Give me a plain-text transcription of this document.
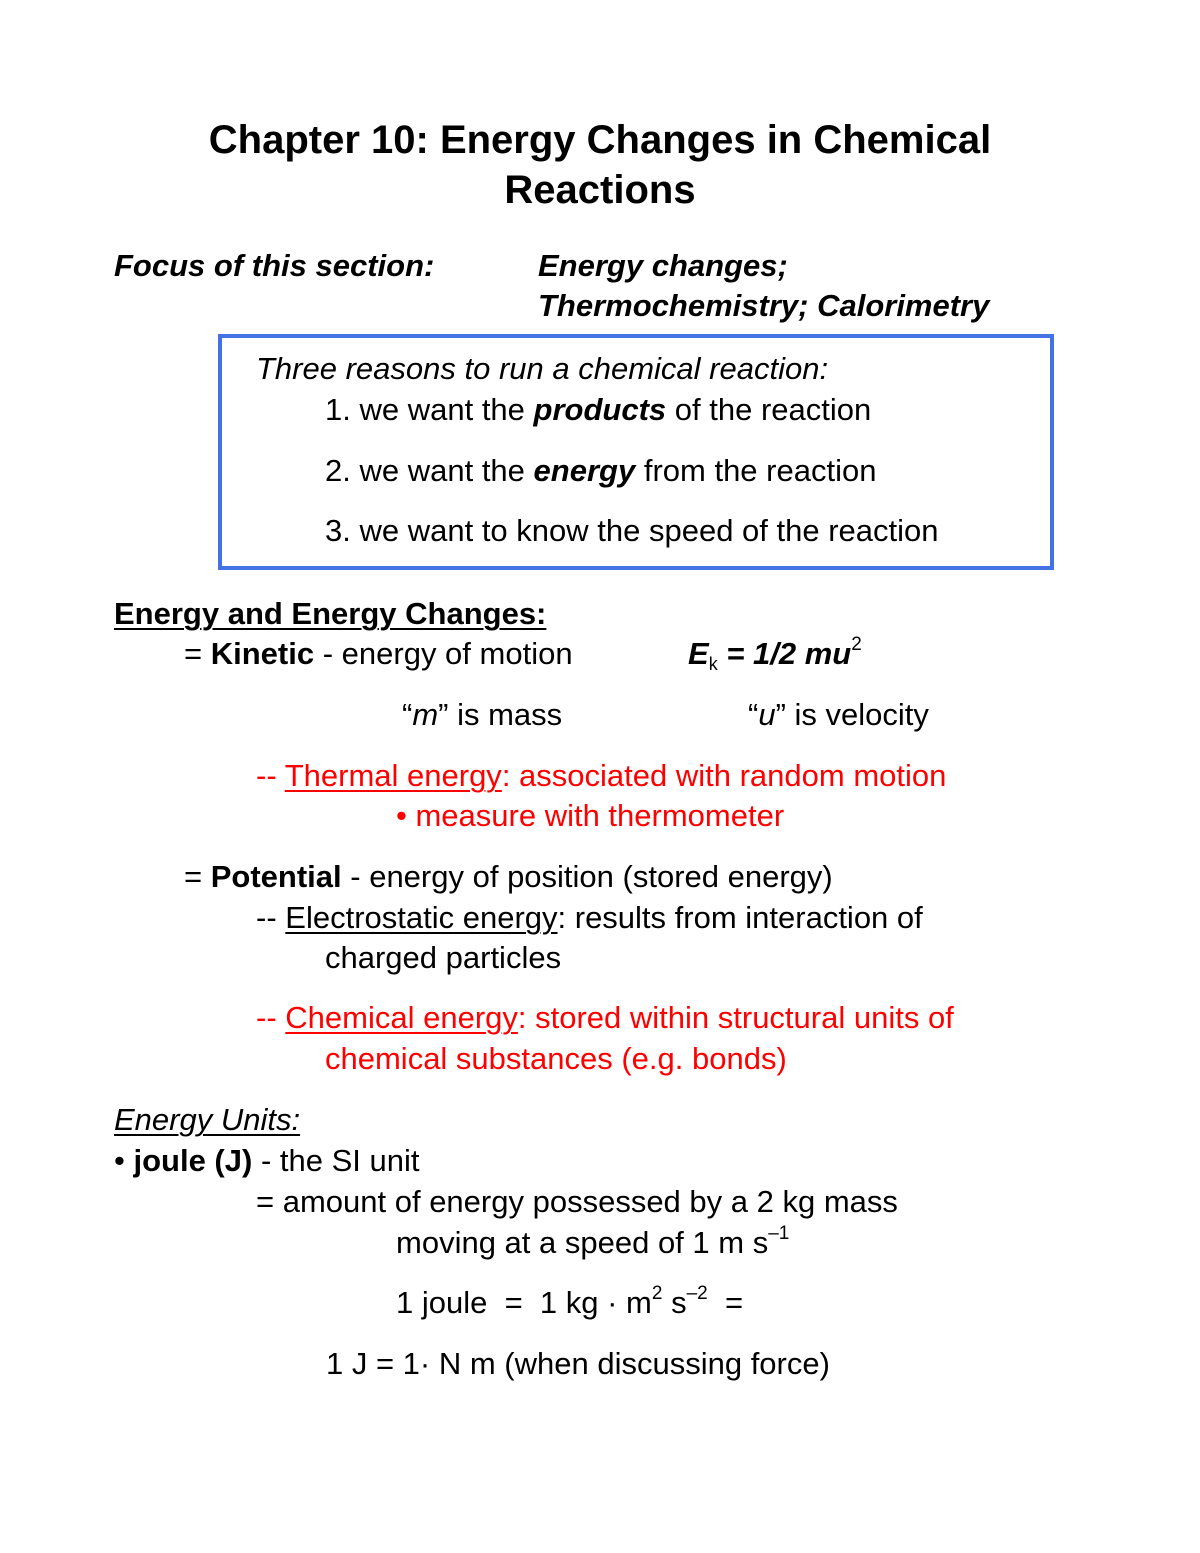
Chapter 10: Energy Changes in Chemical
Reactions
Focus of this section:	Energy changes;
Thermochemistry; Calorimetry
Three reasons to run a chemical reaction:
1. we want the products of the reaction
2. we want the energy from the reaction
3. we want to know the speed of the reaction
Energy and Energy Changes:
= Kinetic - energy of motion	$E_k = 1/2$ $mu^2$
“m” is mass	“u” is velocity
-- Thermal energy: associated with random motion
• measure with thermometer
= Potential - energy of position (stored energy)
-- Electrostatic energy: results from interaction of
charged particles
-- Chemical energy: stored within structural units of
chemical substances (e.g. bonds)
Energy Units:
• joule (J) - the SI unit
= amount of energy possessed by a 2 kg mass
moving at a speed of 1 m $s^{-1}$
1 joule  =  1 kg · $m^2$ $s^{-2}$  =
1 J = 1· N m (when discussing force)
